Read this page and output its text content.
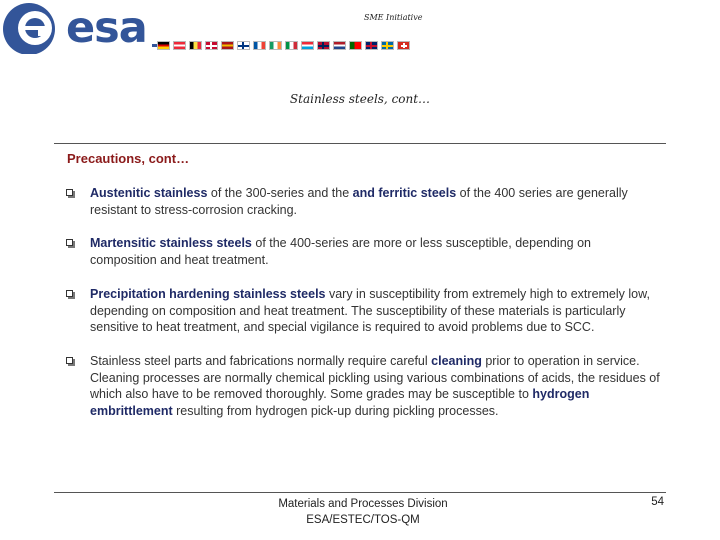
esa	SME Initiative
Stainless steels, cont…
Precautions, cont…
Austenitic stainless of the 300-series and the and ferritic steels of the 400 series are generally resistant to stress-corrosion cracking.
Martensitic stainless steels of the 400-series are more or less susceptible, depending on composition and heat treatment.
Precipitation hardening stainless steels vary in susceptibility from extremely high to extremely low, depending on composition and heat treatment. The susceptibility of these materials is particularly sensitive to heat treatment, and special vigilance is required to avoid problems due to SCC.
Stainless steel parts and fabrications normally require careful cleaning prior to operation in service. Cleaning processes are normally chemical pickling using various combinations of acids, the residues of which also have to be removed thoroughly. Some grades may be susceptible to hydrogen embrittlement resulting from hydrogen pick-up during pickling processes.
Materials and Processes Division
ESA/ESTEC/TOS-QM
54
